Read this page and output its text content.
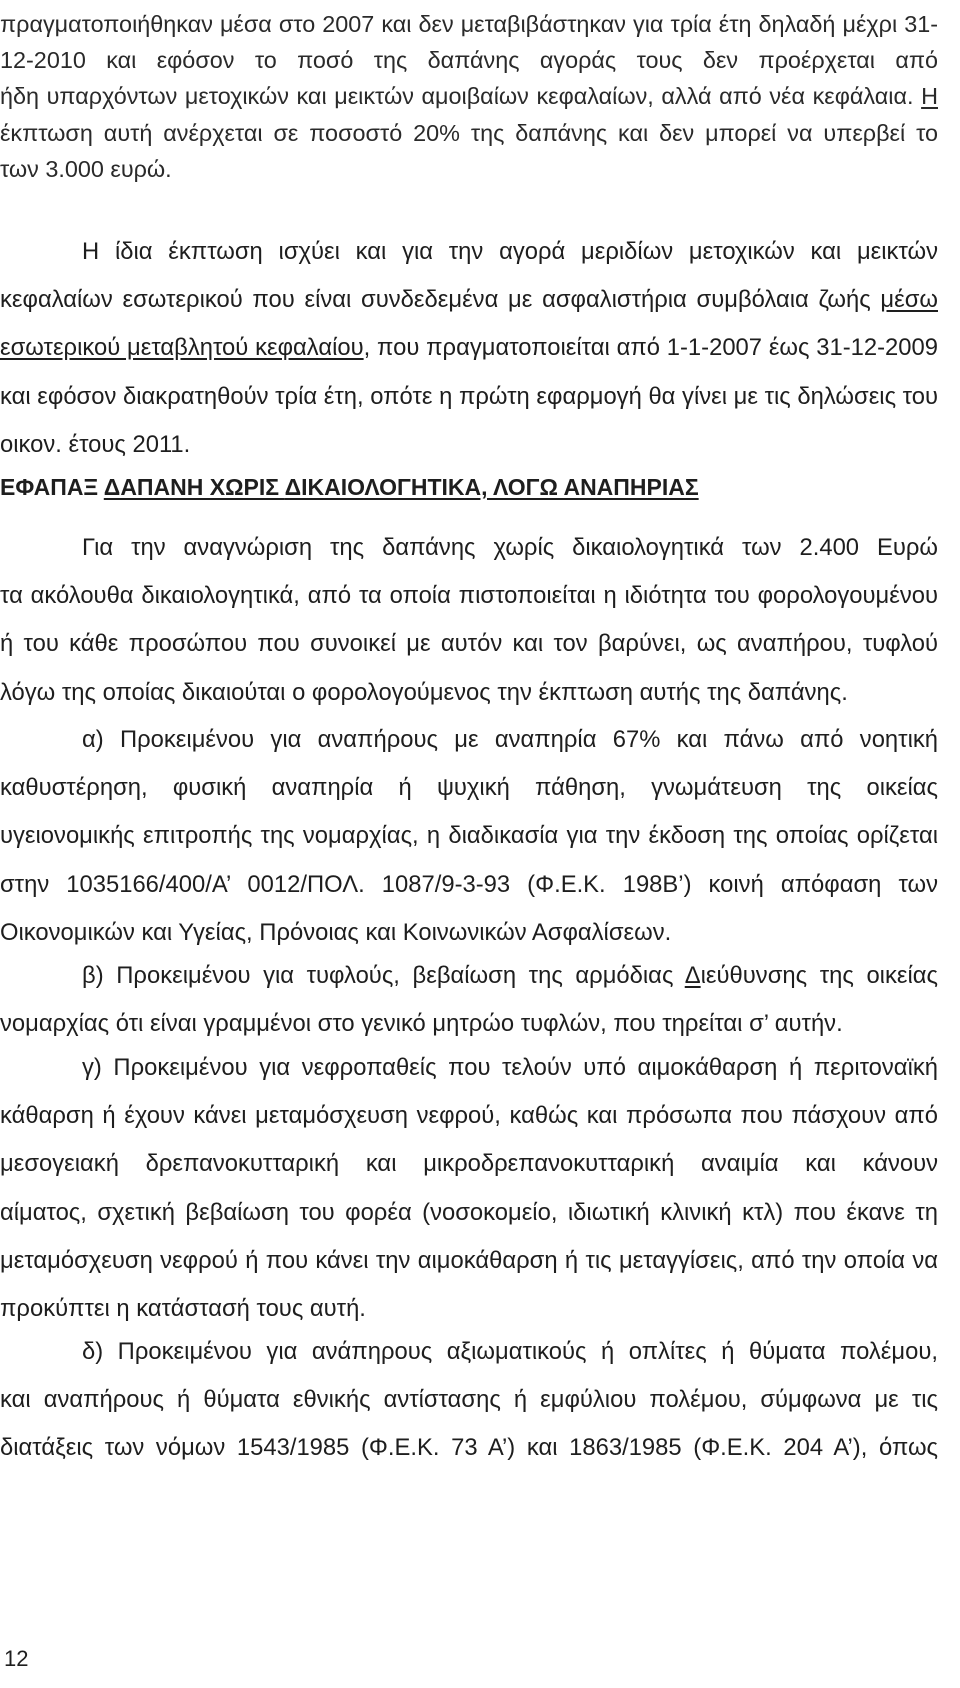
πραγματοποιήθηκαν μέσα στο 2007 και δεν μεταβιβάστηκαν για τρία έτη δηλαδή μέχρι 31-
12-2010 και εφόσον το ποσό της δαπάνης αγοράς τους δεν προέρχεται από
ήδη υπαρχόντων μετοχικών και μεικτών αμοιβαίων κεφαλαίων, αλλά από νέα κεφάλαια. Η
έκπτωση αυτή ανέρχεται σε ποσοστό 20% της δαπάνης και δεν μπορεί να υπερβεί το
των 3.000 ευρώ.
Η ίδια έκπτωση ισχύει και για την αγορά μεριδίων μετοχικών και μεικτών
κεφαλαίων εσωτερικού που είναι συνδεδεμένα με ασφαλιστήρια συμβόλαια ζωής μέσω
εσωτερικού μεταβλητού κεφαλαίου, που πραγματοποιείται από 1-1-2007 έως 31-12-2009
και εφόσον διακρατηθούν τρία έτη, οπότε η πρώτη εφαρμογή θα γίνει με τις δηλώσεις του
οικον. έτους 2011.
ΕΦΑΠΑΞ ΔΑΠΑΝΗ ΧΩΡΙΣ ΔΙΚΑΙΟΛΟΓΗΤΙΚΑ, ΛΟΓΩ ΑΝΑΠΗΡΙΑΣ
Για την αναγνώριση της δαπάνης χωρίς δικαιολογητικά των 2.400 Ευρώ
τα ακόλουθα δικαιολογητικά, από τα οποία πιστοποιείται η ιδιότητα του φορολογουμένου
ή του κάθε προσώπου που συνοικεί με αυτόν και τον βαρύνει, ως αναπήρου, τυφλού
λόγω της οποίας δικαιούται ο φορολογούμενος την έκπτωση αυτής της δαπάνης.
α) Προκειμένου για αναπήρους με αναπηρία 67% και πάνω από νοητική
καθυστέρηση, φυσική αναπηρία ή ψυχική πάθηση, γνωμάτευση της οικείας
υγειονομικής επιτροπής της νομαρχίας, η διαδικασία για την έκδοση της οποίας ορίζεται
στην 1035166/400/Α’ 0012/ΠΟΛ. 1087/9-3-93 (Φ.Ε.Κ. 198Β’) κοινή απόφαση των
Οικονομικών και Υγείας, Πρόνοιας και Κοινωνικών Ασφαλίσεων.
β) Προκειμένου για τυφλούς, βεβαίωση της αρμόδιας Διεύθυνσης της οικείας
νομαρχίας ότι είναι γραμμένοι στο γενικό μητρώο τυφλών, που τηρείται σ’ αυτήν.
γ) Προκειμένου για νεφροπαθείς που τελούν υπό αιμοκάθαρση ή περιτοναϊκή
κάθαρση ή έχουν κάνει μεταμόσχευση νεφρού, καθώς και πρόσωπα που πάσχουν από
μεσογειακή δρεπανοκυτταρική και μικροδρεπανοκυτταρική αναιμία και κάνουν
αίματος, σχετική βεβαίωση του φορέα (νοσοκομείο, ιδιωτική κλινική κτλ) που έκανε τη
μεταμόσχευση νεφρού ή που κάνει την αιμοκάθαρση ή τις μεταγγίσεις, από την οποία να
προκύπτει η κατάστασή τους αυτή.
δ) Προκειμένου για ανάπηρους αξιωματικούς ή οπλίτες ή θύματα πολέμου,
και αναπήρους ή θύματα εθνικής αντίστασης ή εμφύλιου πολέμου, σύμφωνα με τις
διατάξεις των νόμων 1543/1985 (Φ.Ε.Κ. 73 Α’) και 1863/1985 (Φ.Ε.Κ. 204 Α’), όπως
12
